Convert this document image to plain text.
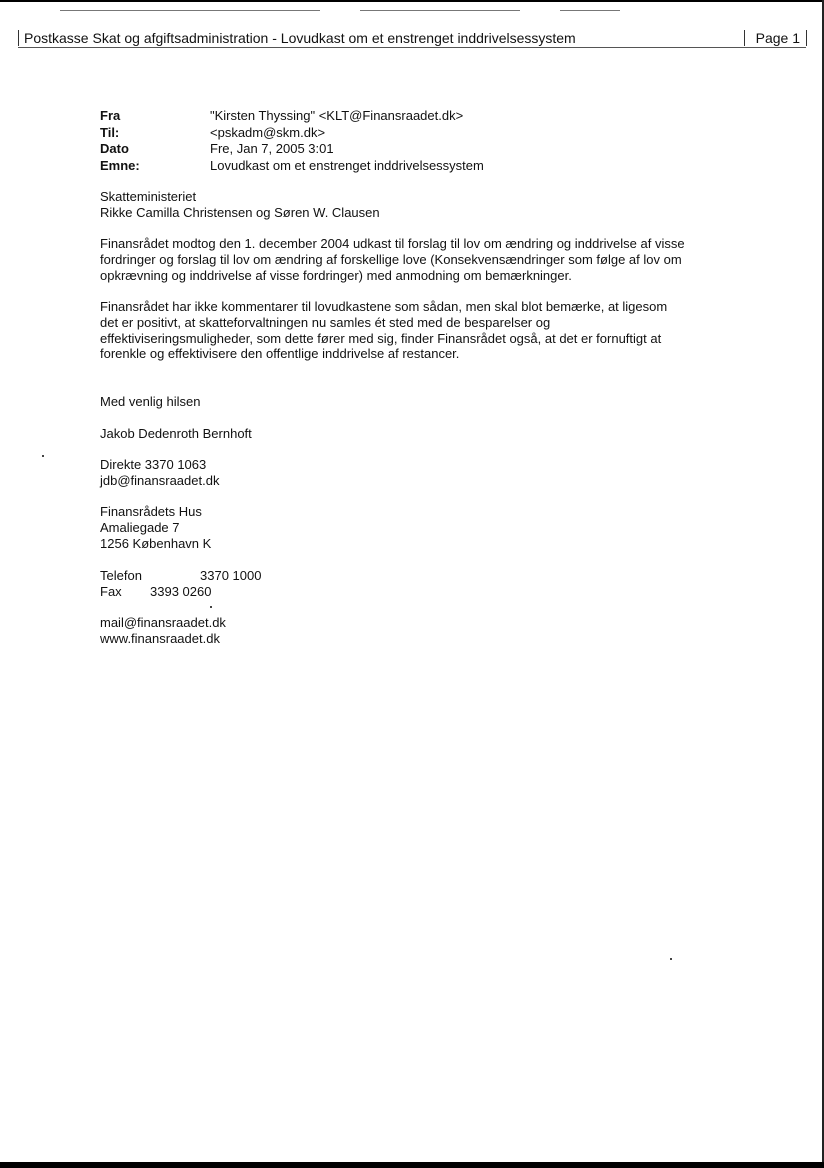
Postkasse Skat og afgiftsadministration - Lovudkast om et enstrenget inddrivelsessystem	Page 1
Fra	"Kirsten Thyssing" <KLT@Finansraadet.dk>
Til:	<pskadm@skm.dk>
Dato	Fre, Jan 7, 2005 3:01
Emne:	Lovudkast om et enstrenget inddrivelsessystem

Skatteministeriet

Rikke Camilla Christensen og Søren W. Clausen

Finansrådet modtog den 1. december 2004 udkast til forslag til lov om ændring og inddrivelse af visse
fordringer og forslag til lov om ændring af forskellige love (Konsekvensændringer som følge af lov om
opkrævning og inddrivelse af visse fordringer) med anmodning om bemærkninger.

Finansrådet har ikke kommentarer til lovudkastene som sådan, men skal blot bemærke, at ligesom
det er positivt, at skatteforvaltningen nu samles ét sted med de besparelser og
effektiviseringsmuligheder, som dette fører med sig, finder Finansrådet også, at det er fornuftigt at
forenkle og effektivisere den offentlige inddrivelse af restancer.

Med venlig hilsen

Jakob Dedenroth Bernhoft

Direkte 3370 1063

jdb@finansraadet.dk

Finansrådets Hus

Amaliegade 7

1256 København K

Telefon	3370 1000
Fax	3393 0260

mail@finansraadet.dk

www.finansraadet.dk
